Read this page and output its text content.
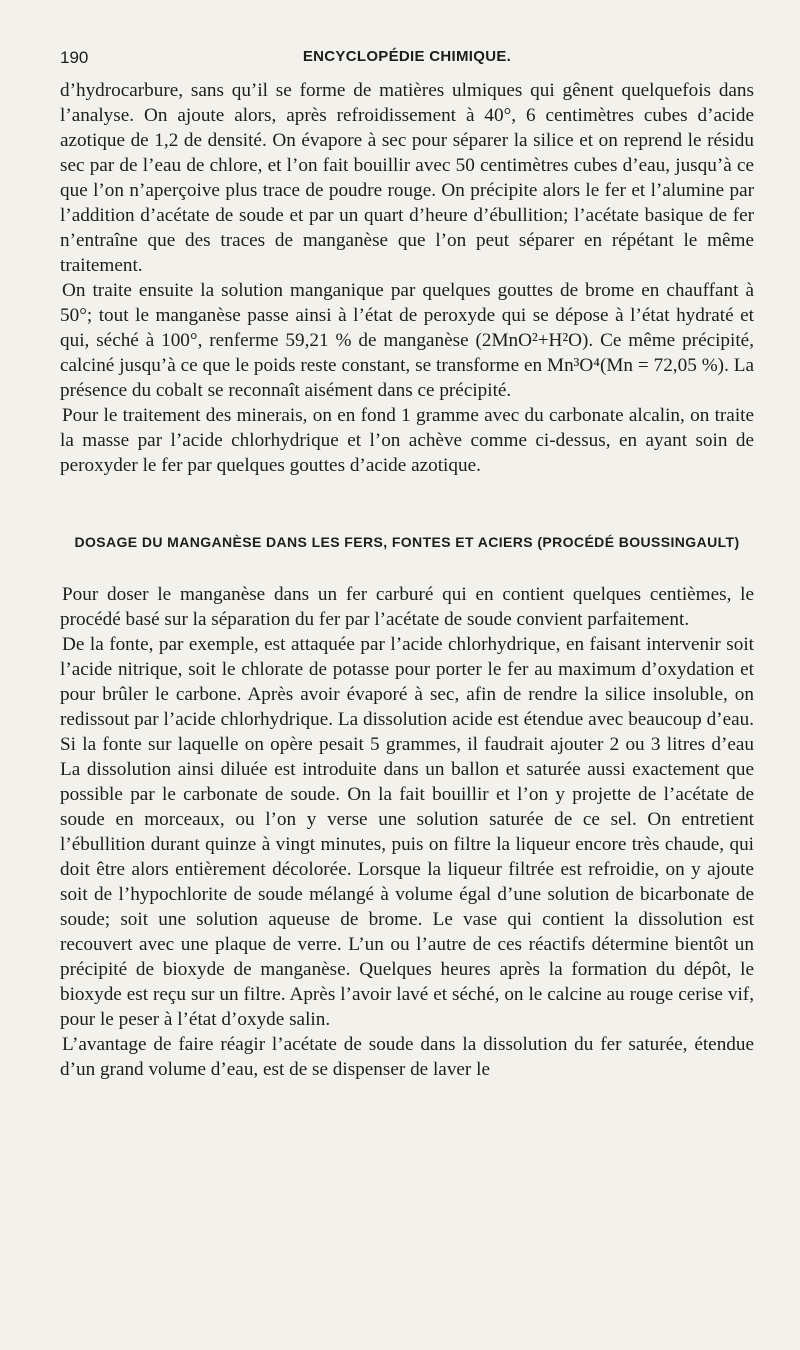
190	ENCYCLOPÉDIE CHIMIQUE.

d’hydrocarbure, sans qu’il se forme de matières ulmiques qui gênent quelquefois dans l’analyse. On ajoute alors, après refroidissement à 40°, 6 centimètres cubes d’acide azotique de 1,2 de densité. On évapore à sec pour séparer la silice et on reprend le résidu sec par de l’eau de chlore, et l’on fait bouillir avec 50 centimètres cubes d’eau, jusqu’à ce que l’on n’aperçoive plus trace de poudre rouge. On précipite alors le fer et l’alumine par l’addition d’acétate de soude et par un quart d’heure d’ébullition; l’acétate basique de fer n’entraîne que des traces de manganèse que l’on peut séparer en répétant le même traitement.

On traite ensuite la solution manganique par quelques gouttes de brome en chauffant à 50°; tout le manganèse passe ainsi à l’état de peroxyde qui se dépose à l’état hydraté et qui, séché à 100°, renferme 59,21 % de manganèse (2MnO²+H²O). Ce même précipité, calciné jusqu’à ce que le poids reste constant, se transforme en Mn³O⁴(Mn = 72,05 %). La présence du cobalt se reconnaît aisément dans ce précipité.

Pour le traitement des minerais, on en fond 1 gramme avec du carbonate alcalin, on traite la masse par l’acide chlorhydrique et l’on achève comme ci-dessus, en ayant soin de peroxyder le fer par quelques gouttes d’acide azotique.

DOSAGE DU MANGANÈSE DANS LES FERS, FONTES ET ACIERS (PROCÉDÉ BOUSSINGAULT)

Pour doser le manganèse dans un fer carburé qui en contient quelques centièmes, le procédé basé sur la séparation du fer par l’acétate de soude convient parfaitement.

De la fonte, par exemple, est attaquée par l’acide chlorhydrique, en faisant intervenir soit l’acide nitrique, soit le chlorate de potasse pour porter le fer au maximum d’oxydation et pour brûler le carbone. Après avoir évaporé à sec, afin de rendre la silice insoluble, on redissout par l’acide chlorhydrique. La dissolution acide est étendue avec beaucoup d’eau. Si la fonte sur laquelle on opère pesait 5 grammes, il faudrait ajouter 2 ou 3 litres d’eau La dissolution ainsi diluée est introduite dans un ballon et saturée aussi exactement que possible par le carbonate de soude. On la fait bouillir et l’on y projette de l’acétate de soude en morceaux, ou l’on y verse une solution saturée de ce sel. On entretient l’ébullition durant quinze à vingt minutes, puis on filtre la liqueur encore très chaude, qui doit être alors entièrement décolorée. Lorsque la liqueur filtrée est refroidie, on y ajoute soit de l’hypochlorite de soude mélangé à volume égal d’une solution de bicarbonate de soude; soit une solution aqueuse de brome. Le vase qui contient la dissolution est recouvert avec une plaque de verre. L’un ou l’autre de ces réactifs détermine bientôt un précipité de bioxyde de manganèse. Quelques heures après la formation du dépôt, le bioxyde est reçu sur un filtre. Après l’avoir lavé et séché, on le calcine au rouge cerise vif, pour le peser à l’état d’oxyde salin.

L’avantage de faire réagir l’acétate de soude dans la dissolution du fer saturée, étendue d’un grand volume d’eau, est de se dispenser de laver le
